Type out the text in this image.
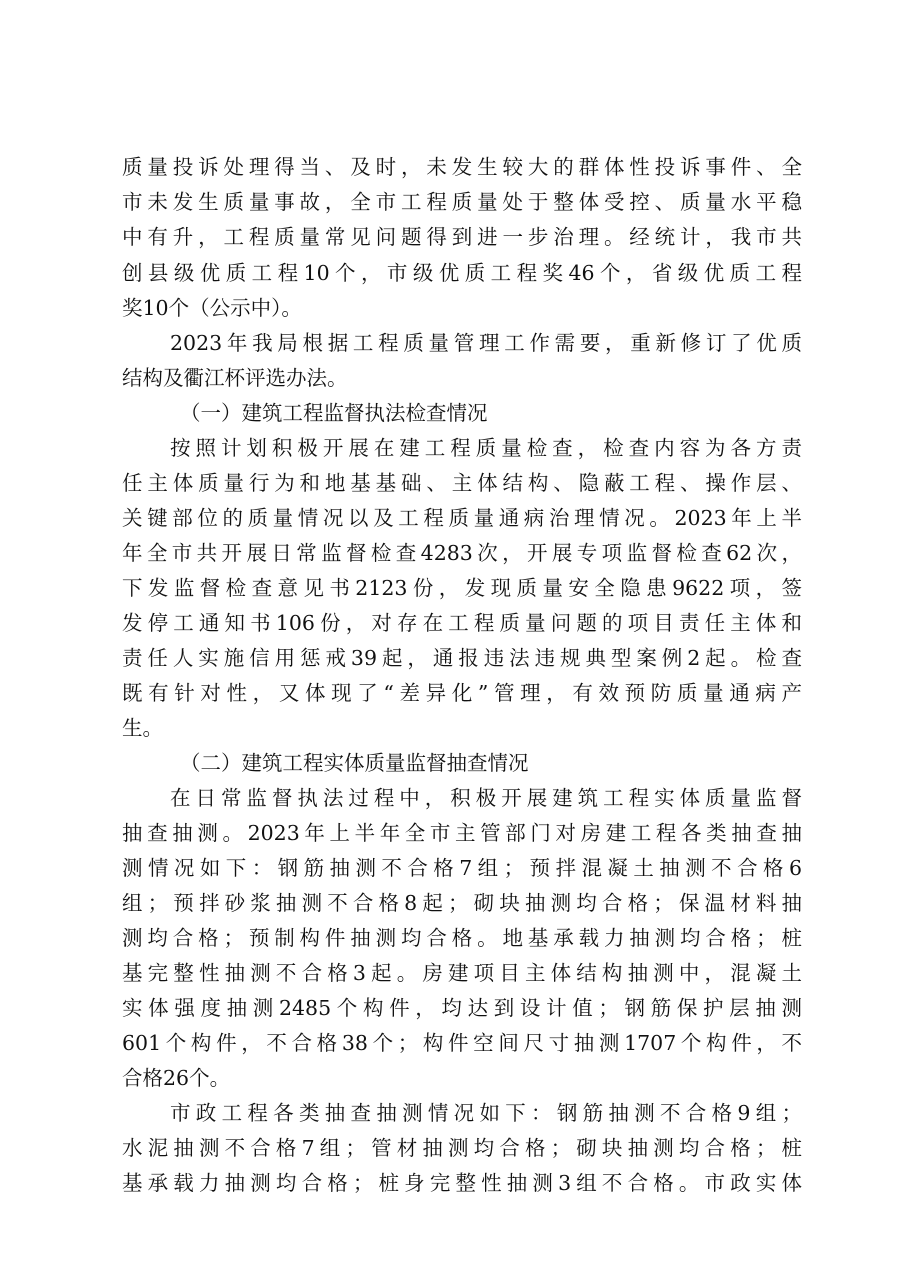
质量投诉处理得当、及时，未发生较大的群体性投诉事件、全
市未发生质量事故，全市工程质量处于整体受控、质量水平稳
中有升，工程质量常见问题得到进一步治理。经统计，我市共
创县级优质工程10个，市级优质工程奖46个，省级优质工程
奖10个（公示中）。
2023年我局根据工程质量管理工作需要，重新修订了优质
结构及衢江杯评选办法。
（一）建筑工程监督执法检查情况
按照计划积极开展在建工程质量检查，检查内容为各方责
任主体质量行为和地基基础、主体结构、隐蔽工程、操作层、
关键部位的质量情况以及工程质量通病治理情况。2023年上半
年全市共开展日常监督检查4283次，开展专项监督检查62次，
下发监督检查意见书2123份，发现质量安全隐患9622项，签
发停工通知书106份，对存在工程质量问题的项目责任主体和
责任人实施信用惩戒39起，通报违法违规典型案例2起。检查
既有针对性，又体现了“差异化”管理，有效预防质量通病产
生。
（二）建筑工程实体质量监督抽查情况
在日常监督执法过程中，积极开展建筑工程实体质量监督
抽查抽测。2023年上半年全市主管部门对房建工程各类抽查抽
测情况如下：钢筋抽测不合格7组；预拌混凝土抽测不合格6
组；预拌砂浆抽测不合格8起；砌块抽测均合格；保温材料抽
测均合格；预制构件抽测均合格。地基承载力抽测均合格；桩
基完整性抽测不合格3起。房建项目主体结构抽测中，混凝土
实体强度抽测2485个构件，均达到设计值；钢筋保护层抽测
601个构件，不合格38个；构件空间尺寸抽测1707个构件，不
合格26个。
市政工程各类抽查抽测情况如下：钢筋抽测不合格9组；
水泥抽测不合格7组；管材抽测均合格；砌块抽测均合格；桩
基承载力抽测均合格；桩身完整性抽测3组不合格。市政实体
